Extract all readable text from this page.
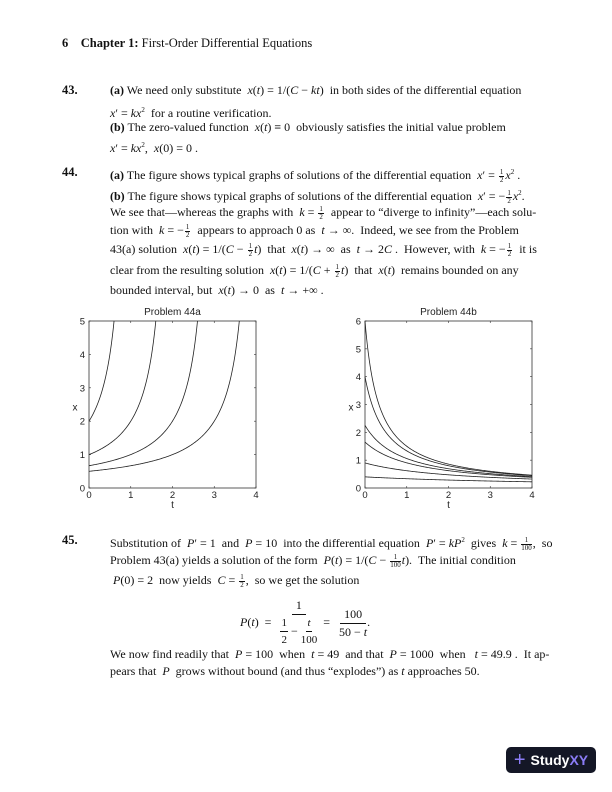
6 Chapter 1: First-Order Differential Equations
43.	(a) We need only substitute  x(t) = 1/(C − kt)  in both sides of the differential equation
$x' = kx^2$  for a routine verification.
(b) The zero-valued function  x(t) ≡ 0  obviously satisfies the initial value problem
$x' = kx^2$,  x(0) = 0 .
44.	(a) The figure shows typical graphs of solutions of the differential equation  $x' = \frac{1}{2} x^2$ .
(b) The figure shows typical graphs of solutions of the differential equation  x′ = − $\frac{1}{2} x^2$.
We see that—whereas the graphs with  $k = \frac{1}{2}$ appear to “diverge to infinity”—each solu-
tion with  k = − $\frac{1}{2}$ appears to approach 0 as  t → ∞.  Indeed, we see from the Problem
43(a) solution  $x(t) = 1/(C - \frac{1}{2} t)$  that  x(t) → ∞  as  t → 2C .  However, with  k = − $\frac{1}{2}$ it is
clear from the resulting solution  $x(t) = 1/(C + \frac{1}{2} t)$  that  x(t)  remains bounded on any
bounded interval, but  x(t) → 0  as  t → +∞ .
Problem 44a
0	1	2	3	4
0
1
2
3
4
5
t
x
Problem 44b
0	1	2	3	4
0
1
2
3
4
5
6
t
x
45.	Substitution of  P′ = 1  and  P = 10  into the differential equation  $P' = kP^2$  gives  $k = \frac{1}{100}$ ,  so
Problem 43(a) yields a solution of the form  $P(t) = 1/(C - \frac{1}{100} t)$.  The initial condition
P(0) = 2  now yields  $C = \frac{1}{2}$ ,  so we get the solution
$P(t) = \frac{1}{\frac{1}{2} - \frac{t}{100}} = \frac{100}{50 - t}$ .
We now find readily that  P = 100  when  t = 49  and that  P = 1000  when   t = 49.9 .  It ap-
pears that  P  grows without bound (and thus “explodes”) as t approaches 50.
+ StudyXY
